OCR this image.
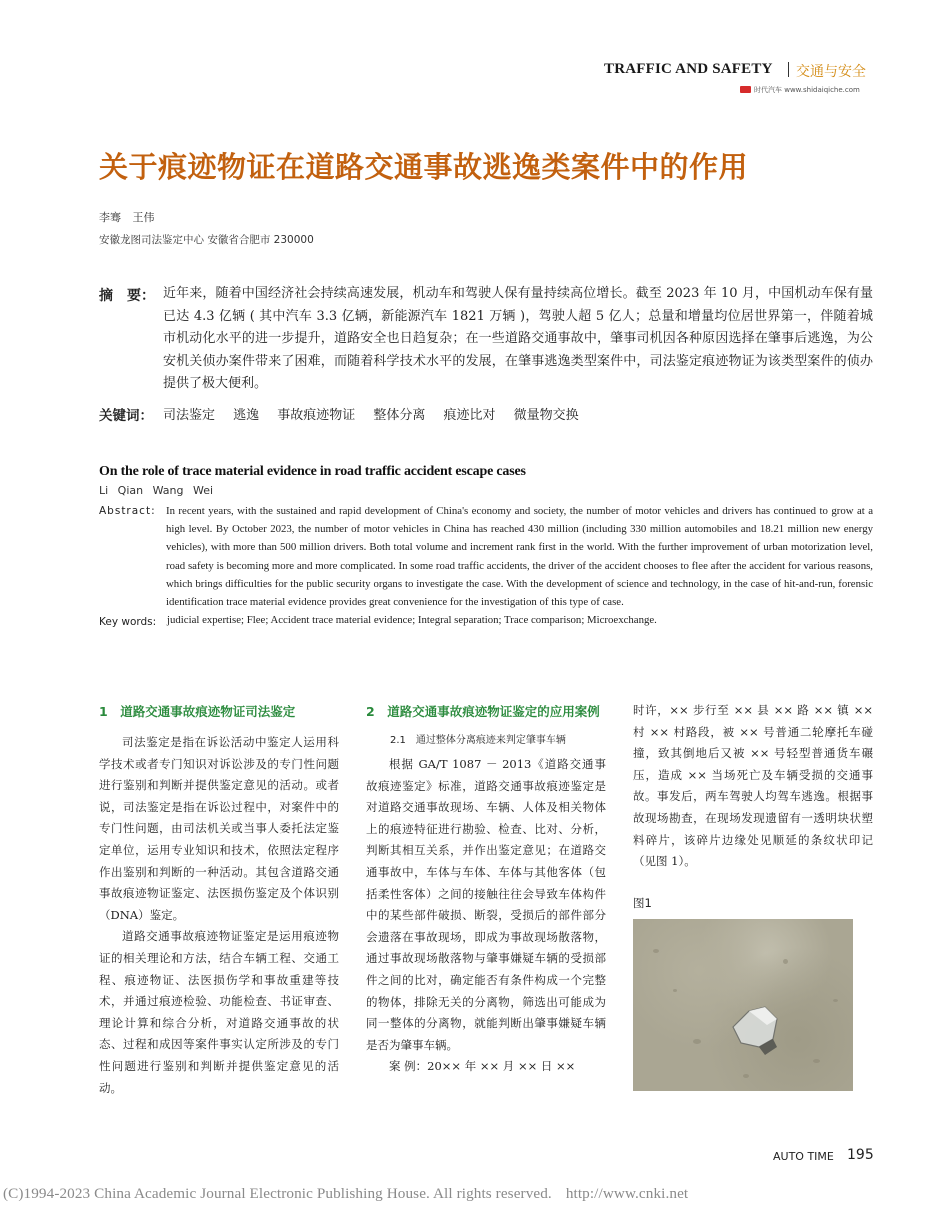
TRAFFIC AND SAFETY 交通与安全
时代汽车 www.shidaiqiche.com
关于痕迹物证在道路交通事故逃逸类案件中的作用
李骞 王伟
安徽龙图司法鉴定中心 安徽省合肥市 230000
摘　要： 近年来，随着中国经济社会持续高速发展，机动车和驾驶人保有量持续高位增长。截至 2023 年 10 月，中国机动车保有量已达 4.3 亿辆 ( 其中汽车 3.3 亿辆，新能源汽车 1821 万辆 )，驾驶人超 5 亿人；总量和增量均位居世界第一，伴随着城市机动化水平的进一步提升，道路安全也日趋复杂；在一些道路交通事故中，肇事司机因各种原因选择在肇事后逃逸，为公安机关侦办案件带来了困难，而随着科学技术水平的发展，在肇事逃逸类型案件中，司法鉴定痕迹物证为该类型案件的侦办提供了极大便利。
关键词： 司法鉴定 逃逸 事故痕迹物证 整体分离 痕迹比对 微量物交换
On the role of trace material evidence in road traffic accident escape cases
Li Qian Wang Wei
Abstract: In recent years, with the sustained and rapid development of China's economy and society, the number of motor vehicles and drivers has continued to grow at a high level. By October 2023, the number of motor vehicles in China has reached 430 million (including 330 million automobiles and 18.21 million new energy vehicles), with more than 500 million drivers. Both total volume and increment rank first in the world. With the further improvement of urban motorization level, road safety is becoming more and more complicated. In some road traffic accidents, the driver of the accident chooses to flee after the accident for various reasons, which brings difficulties for the public security organs to investigate the case. With the development of science and technology, in the case of hit-and-run, forensic identification trace material evidence provides great convenience for the investigation of this type of case.
Key words: judicial expertise; Flee; Accident trace material evidence; Integral separation; Trace comparison; Microexchange.
1　道路交通事故痕迹物证司法鉴定

司法鉴定是指在诉讼活动中鉴定人运用科学技术或者专门知识对诉讼涉及的专门性问题进行鉴别和判断并提供鉴定意见的活动。或者说，司法鉴定是指在诉讼过程中，对案件中的专门性问题，由司法机关或当事人委托法定鉴定单位，运用专业知识和技术，依照法定程序作出鉴别和判断的一种活动。其包含道路交通事故痕迹物证鉴定、法医损伤鉴定及个体识别（DNA）鉴定。

道路交通事故痕迹物证鉴定是运用痕迹物证的相关理论和方法，结合车辆工程、交通工程、痕迹物证、法医损伤学和事故重建等技术，并通过痕迹检验、功能检查、书证审查、理论计算和综合分析，对道路交通事故的状态、过程和成因等案件事实认定所涉及的专门性问题进行鉴别和判断并提供鉴定意见的活动。

2　道路交通事故痕迹物证鉴定的应用案例
2.1　通过整体分离痕迹来判定肇事车辆

根据 GA/T 1087 － 2013《道路交通事故痕迹鉴定》标准，道路交通事故痕迹鉴定是对道路交通事故现场、车辆、人体及相关物体上的痕迹特征进行勘验、检查、比对、分析，判断其相互关系，并作出鉴定意见；在道路交通事故中，车体与车体、车体与其他客体（包括柔性客体）之间的接触往往会导致车体构件中的某些部件破损、断裂，受损后的部件部分会遗落在事故现场，即成为事故现场散落物，通过事故现场散落物与肇事嫌疑车辆的受损部件之间的比对，确定能否有条件构成一个完整的物体，排除无关的分离物，筛选出可能成为同一整体的分离物，就能判断出肇事嫌疑车辆是否为肇事车辆。

案 例：20×× 年 ×× 月 ×× 日 ××

时许，×× 步行至 ×× 县 ×× 路 ×× 镇 ×× 村 ×× 村路段，被 ×× 号普通二轮摩托车碰撞，致其倒地后又被 ×× 号轻型普通货车碾压，造成 ×× 当场死亡及车辆受损的交通事故。事发后，两车驾驶人均驾车逃逸。根据事故现场勘查，在现场发现遗留有一透明块状塑料碎片，该碎片边缘处见顺延的条纹状印记（见图 1）。

图1
AUTO TIME 195
(C)1994-2023 China Academic Journal Electronic Publishing House. All rights reserved. http://www.cnki.net
